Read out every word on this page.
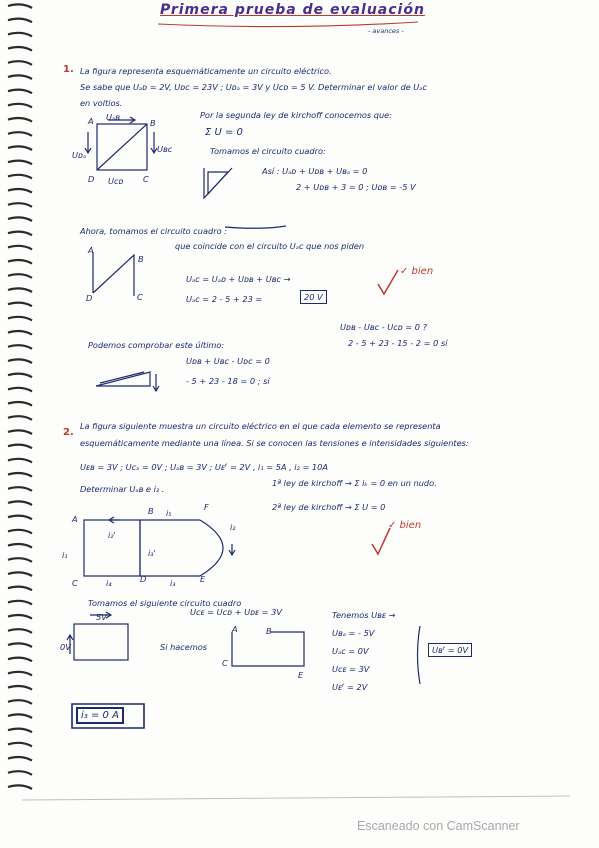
Primera prueba de evaluación
- avances -
1. La figura representa esquemáticamente un circuito eléctrico.
Se sabe que Uₐᴅ = 2V, Uᴅᴄ = 23V ; Uᴅₐ = 3V y Uᴄᴅ = 5 V. Determinar el valor de Uₐᴄ
en voltios.
A	B
C
D
Uₐʙ
Uʙᴄ
Uᴄᴅ
Uᴅₐ
Por la segunda ley de kirchoff conocemos que:
Σ U = 0
Tomamos el circuito cuadro:
Así : Uₐᴅ + Uᴅʙ + Uʙₐ = 0
2 + Uᴅʙ + 3 = 0 ; Uᴅʙ = -5 V
Ahora, tomamos el circuito cuadro :
que coincide con el circuito Uₐᴄ que nos piden
Uₐᴄ = Uₐᴅ + Uᴅʙ + Uʙᴄ →
Uₐᴄ = 2 - 5 + 23 =	20 V
✓ bien
A
B
D	C
Podemos comprobar este último:
Uᴅʙ - Uʙᴄ - Uᴄᴅ = 0 ?
2 - 5 + 23 - 15 - 2 = 0 sí
Uᴅʙ + Uʙᴄ - Uᴅᴄ = 0
- 5 + 23 - 18 = 0 ; sí
2.
La figura siguiente muestra un circuito eléctrico en el que cada elemento se representa
esquemáticamente mediante una línea. Si se conocen las tensiones e intensidades siguientes:
Uᴇʙ = 3V ; Uᴄₐ = 0V ; Uₐʙ = 3V ; Uᴇᶠ = 2V , i₁ = 5A , i₂ = 10A
Determinar Uₐʙ e i₃ .
1ª ley de kirchoff → Σ iₖ = 0 en un nudo.
2ª ley de kirchoff → Σ U = 0
✓ bien
A
B	F
C	D	E
i₅
i₂
i₂'
i₃'
i₁
i₄	i₃
Tomamos el siguiente circuito cuadro
5V
0V
Uᴄᴇ = Uᴄᴅ + Uᴅᴇ = 3V
Si hacemos
A	B
C
E
Tenemos Uʙᴇ →
Uʙₐ = - 5V
Uₐᴄ = 0V
Uᴄᴇ = 3V
Uᴇᶠ = 2V
Uʙᶠ = 0V
i₃ = 0 A
Escaneado con CamScanner
